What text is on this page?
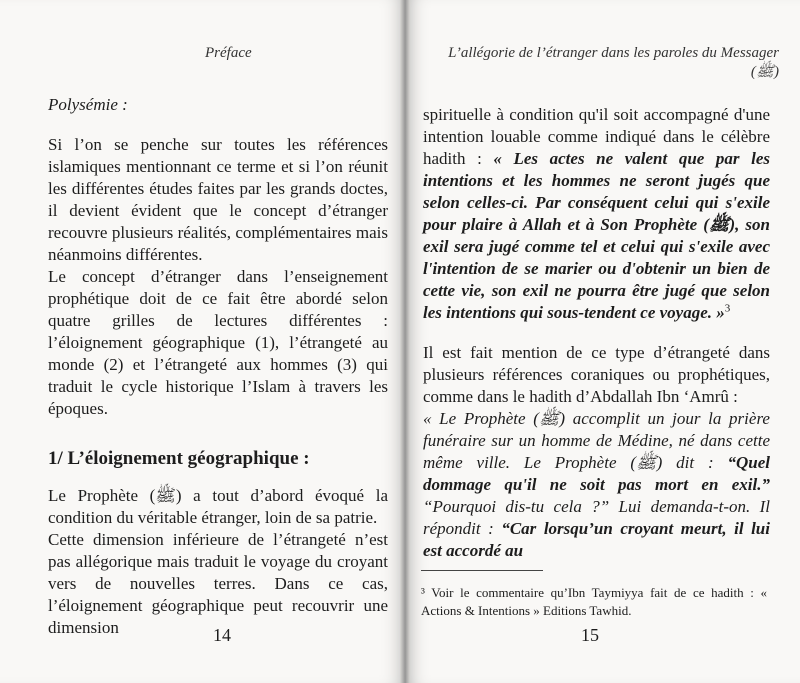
Préface

Polysémie :

Si l’on se penche sur toutes les références islamiques mentionnant ce terme et si l’on réunit les différentes études faites par les grands doctes, il devient évident que le concept d’étranger recouvre plusieurs réalités, complémentaires mais néanmoins différentes.

Le concept d’étranger dans l’enseignement prophétique doit de ce fait être abordé selon quatre grilles de lectures différentes : l’éloignement géographique (1), l’étrangeté au monde (2) et l’étrangeté aux hommes (3) qui traduit le cycle historique l’Islam à travers les époques.

1/ L’éloignement géographique :

Le Prophète (ﷺ) a tout d’abord évoqué la condition du véritable étranger, loin de sa patrie.

Cette dimension inférieure de l’étrangeté n’est pas allégorique mais traduit le voyage du croyant vers de nouvelles terres. Dans ce cas, l’éloignement géographique peut recouvrir une dimension	14
L’allégorie de l’étranger dans les paroles du Messager (ﷺ)

spirituelle à condition qu'il soit accompagné d'une intention louable comme indiqué dans le célèbre hadith : « Les actes ne valent que par les intentions et les hommes ne seront jugés que selon celles-ci. Par conséquent celui qui s'exile pour plaire à Allah et à Son Prophète (ﷺ), son exil sera jugé comme tel et celui qui s'exile avec l'intention de se marier ou d'obtenir un bien de cette vie, son exil ne pourra être jugé que selon les intentions qui sous-tendent ce voyage. »$^3$

Il est fait mention de ce type d’étrangeté dans plusieurs références coraniques ou prophétiques, comme dans le hadith d’Abdallah Ibn ‘Amrû :

« Le Prophète (ﷺ) accomplit un jour la prière funéraire sur un homme de Médine, né dans cette même ville. Le Prophète (ﷺ) dit : “Quel dommage qu'il ne soit pas mort en exil.” “Pourquoi dis-tu cela ?” Lui demanda-t-on. Il répondit : “Car lorsqu’un croyant meurt, il lui est accordé au

³ Voir le commentaire qu’Ibn Taymiyya fait de ce hadith : « Actions & Intentions » Editions Tawhid.
15
